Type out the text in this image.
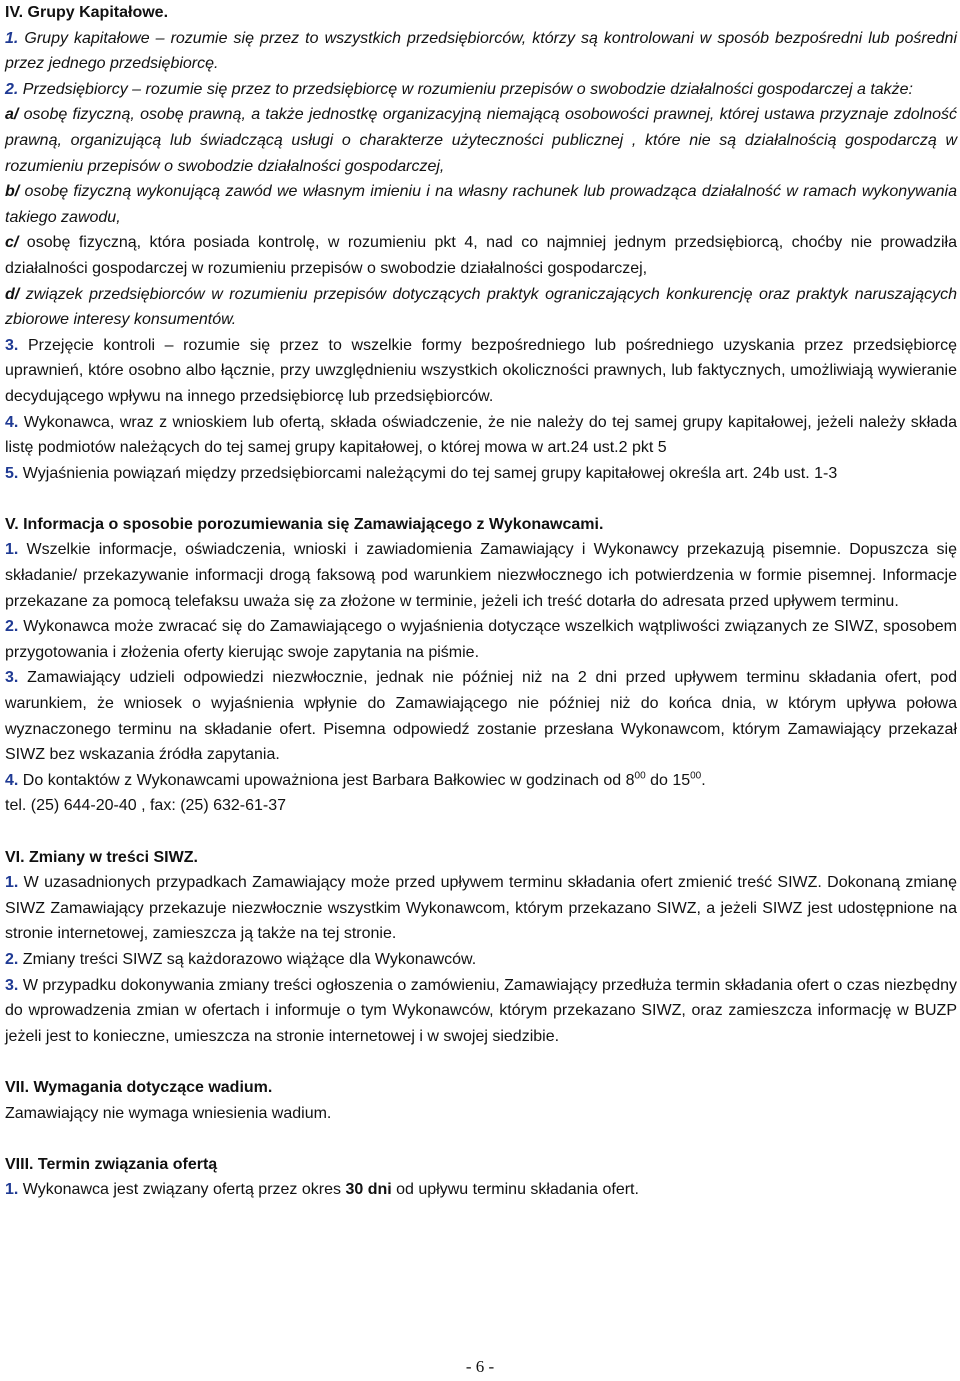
IV. Grupy Kapitałowe.

1. Grupy kapitałowe – rozumie się przez to wszystkich przedsiębiorców, którzy są kontrolowani w sposób bezpośredni lub pośredni przez jednego przedsiębiorcę.

2. Przedsiębiorcy – rozumie się przez to przedsiębiorcę w rozumieniu przepisów o swobodzie działalności gospodarczej a także:

a/ osobę fizyczną, osobę prawną, a także jednostkę organizacyjną niemającą osobowości prawnej, której ustawa przyznaje zdolność prawną, organizującą lub świadczącą usługi o charakterze użyteczności publicznej , które nie są działalnością gospodarczą w rozumieniu przepisów o swobodzie działalności gospodarczej,

b/ osobę fizyczną wykonującą zawód we własnym imieniu i na własny rachunek lub prowadząca działalność w ramach wykonywania takiego zawodu,

c/ osobę fizyczną, która posiada kontrolę, w rozumieniu pkt 4, nad co najmniej jednym przedsiębiorcą, choćby nie prowadziła działalności gospodarczej w rozumieniu przepisów o swobodzie działalności gospodarczej,

d/ związek przedsiębiorców w rozumieniu przepisów dotyczących praktyk ograniczających konkurencję oraz praktyk naruszających zbiorowe interesy konsumentów.

3. Przejęcie kontroli – rozumie się przez to wszelkie formy bezpośredniego lub pośredniego uzyskania przez przedsiębiorcę uprawnień, które osobno albo łącznie, przy uwzględnieniu wszystkich okoliczności prawnych, lub faktycznych, umożliwiają wywieranie decydującego wpływu na innego przedsiębiorcę lub przedsiębiorców.

4. Wykonawca, wraz z wnioskiem lub ofertą, składa oświadczenie, że nie należy do tej samej grupy kapitałowej, jeżeli należy składa listę podmiotów należących do tej samej grupy kapitałowej, o której mowa w art.24 ust.2 pkt 5

5. Wyjaśnienia powiązań między przedsiębiorcami należącymi do tej samej grupy kapitałowej określa art. 24b ust. 1-3

V. Informacja o sposobie porozumiewania się Zamawiającego z Wykonawcami.

1. Wszelkie informacje, oświadczenia, wnioski i zawiadomienia Zamawiający i Wykonawcy przekazują pisemnie. Dopuszcza się składanie/ przekazywanie informacji drogą faksową pod warunkiem niezwłocznego ich potwierdzenia w formie pisemnej. Informacje przekazane za pomocą telefaksu uważa się za złożone w terminie, jeżeli ich treść dotarła do adresata przed upływem terminu.

2. Wykonawca może zwracać się do Zamawiającego o wyjaśnienia dotyczące wszelkich wątpliwości związanych ze SIWZ, sposobem przygotowania i złożenia oferty kierując swoje zapytania na piśmie.

3. Zamawiający udzieli odpowiedzi niezwłocznie, jednak nie później niż na 2 dni przed upływem terminu składania ofert, pod warunkiem, że wniosek o wyjaśnienia wpłynie do Zamawiającego nie później niż do końca dnia, w którym upływa połowa wyznaczonego terminu na składanie ofert. Pisemna odpowiedź zostanie przesłana Wykonawcom, którym Zamawiający przekazał SIWZ bez wskazania źródła zapytania.

4. Do kontaktów z Wykonawcami upoważniona jest Barbara Bałkowiec w godzinach od $8^{00}$ do $15^{00}$.

tel. (25) 644-20-40 , fax: (25) 632-61-37

VI. Zmiany w treści SIWZ.

1. W uzasadnionych przypadkach Zamawiający może przed upływem terminu składania ofert zmienić treść SIWZ. Dokonaną zmianę SIWZ Zamawiający przekazuje niezwłocznie wszystkim Wykonawcom, którym przekazano SIWZ, a jeżeli SIWZ jest udostępnione na stronie internetowej, zamieszcza ją także na tej stronie.

2. Zmiany treści SIWZ są każdorazowo wiążące dla Wykonawców.

3. W przypadku dokonywania zmiany treści ogłoszenia o zamówieniu, Zamawiający przedłuża termin składania ofert o czas niezbędny do wprowadzenia zmian w ofertach i informuje o tym Wykonawców, którym przekazano SIWZ, oraz zamieszcza informację w BUZP jeżeli jest to konieczne, umieszcza na stronie internetowej i w swojej siedzibie.

VII. Wymagania dotyczące wadium.

Zamawiający nie wymaga wniesienia wadium.

VIII. Termin związania ofertą

1. Wykonawca jest związany ofertą przez okres 30 dni od upływu terminu składania ofert.

- 6 -
